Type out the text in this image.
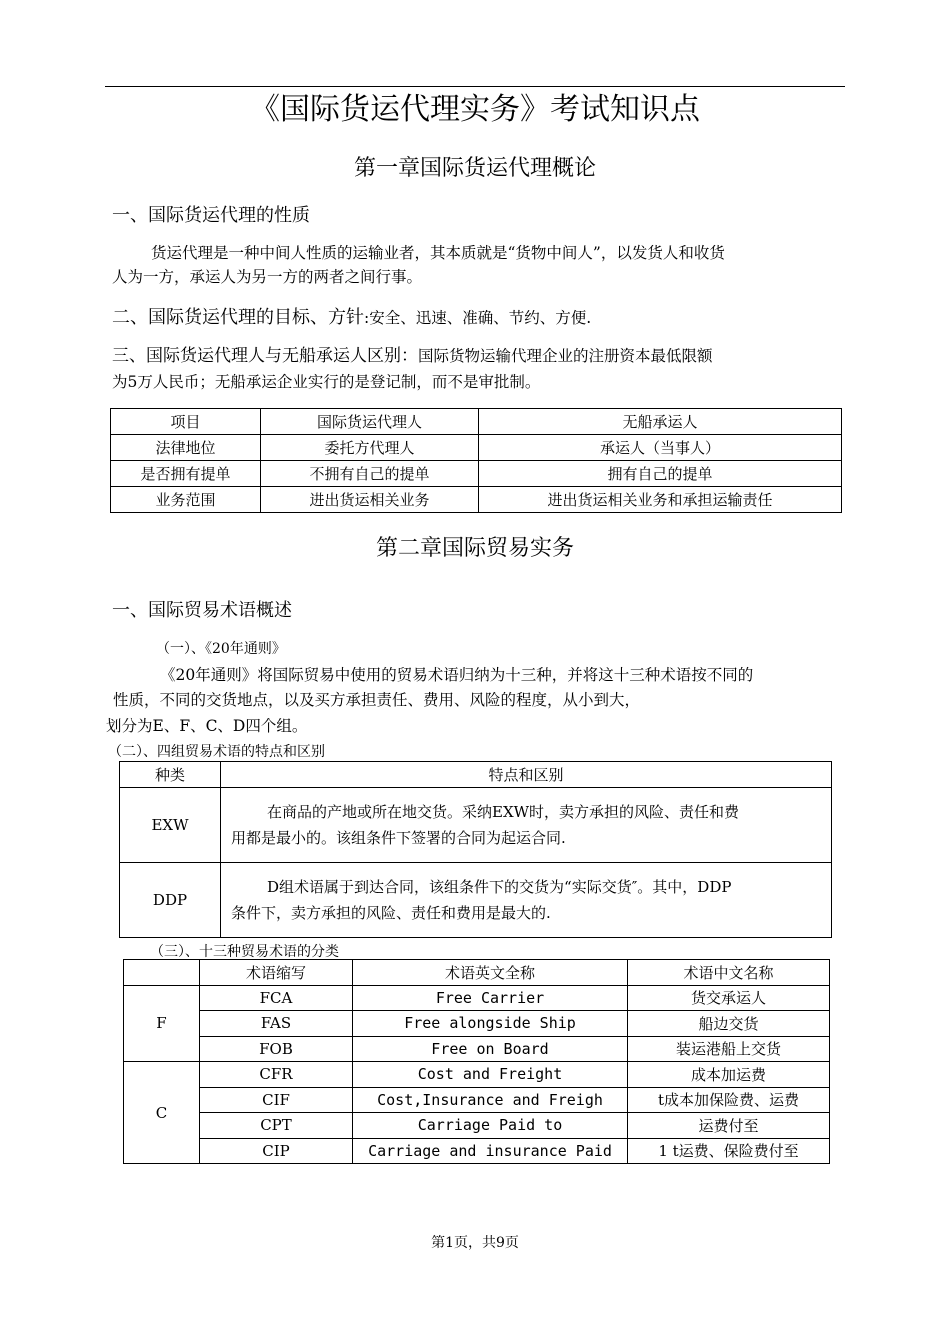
《国际货运代理实务》考试知识点
第一章国际货运代理概论
一、国际货运代理的性质
货运代理是一种中间人性质的运输业者，其本质就是“货物中间人”，以发货人和收货
人为一方，承运人为另一方的两者之间行事。
二、国际货运代理的目标、方针:安全、迅速、准确、节约、方便.
三、国际货运代理人与无船承运人区别：国际货物运输代理企业的注册资本最低限额
为5万人民币；无船承运企业实行的是登记制，而不是审批制。
项目	国际货运代理人	无船承运人
法律地位	委托方代理人	承运人（当事人）
是否拥有提单	不拥有自己的提单	拥有自己的提单
业务范围	进出货运相关业务	进出货运相关业务和承担运输责任
第二章国际贸易实务
一、国际贸易术语概述
（一）、《20年通则》
《20年通则》将国际贸易中使用的贸易术语归纳为十三种，并将这十三种术语按不同的
性质，不同的交货地点，以及买方承担责任、费用、风险的程度，从小到大，
划分为E、F、C、D四个组。
（二）、四组贸易术语的特点和区别
种类	特点和区别
EXW	在商品的产地或所在地交货。采纳EXW时，卖方承担的风险、责任和费
用都是最小的。该组条件下签署的合同为起运合同.

DDP	D组术语属于到达合同，该组条件下的交货为“实际交货″。其中，DDP
条件下，卖方承担的风险、责任和费用是最大的.
（三）、十三种贸易术语的分类
	术语缩写	术语英文全称	术语中文名称
F	FCA	Free Carrier	货交承运人
	FAS	Free alongside Ship	船边交货
	FOB	Free on Board	装运港船上交货
C	CFR	Cost and Freight	成本加运费
	CIF	Cost,Insurance and Freigh	t成本加保险费、运费
	CPT	Carriage Paid to	运费付至
	CIP	Carriage and insurance Paid	1 t运费、保险费付至
第1页，共9页
